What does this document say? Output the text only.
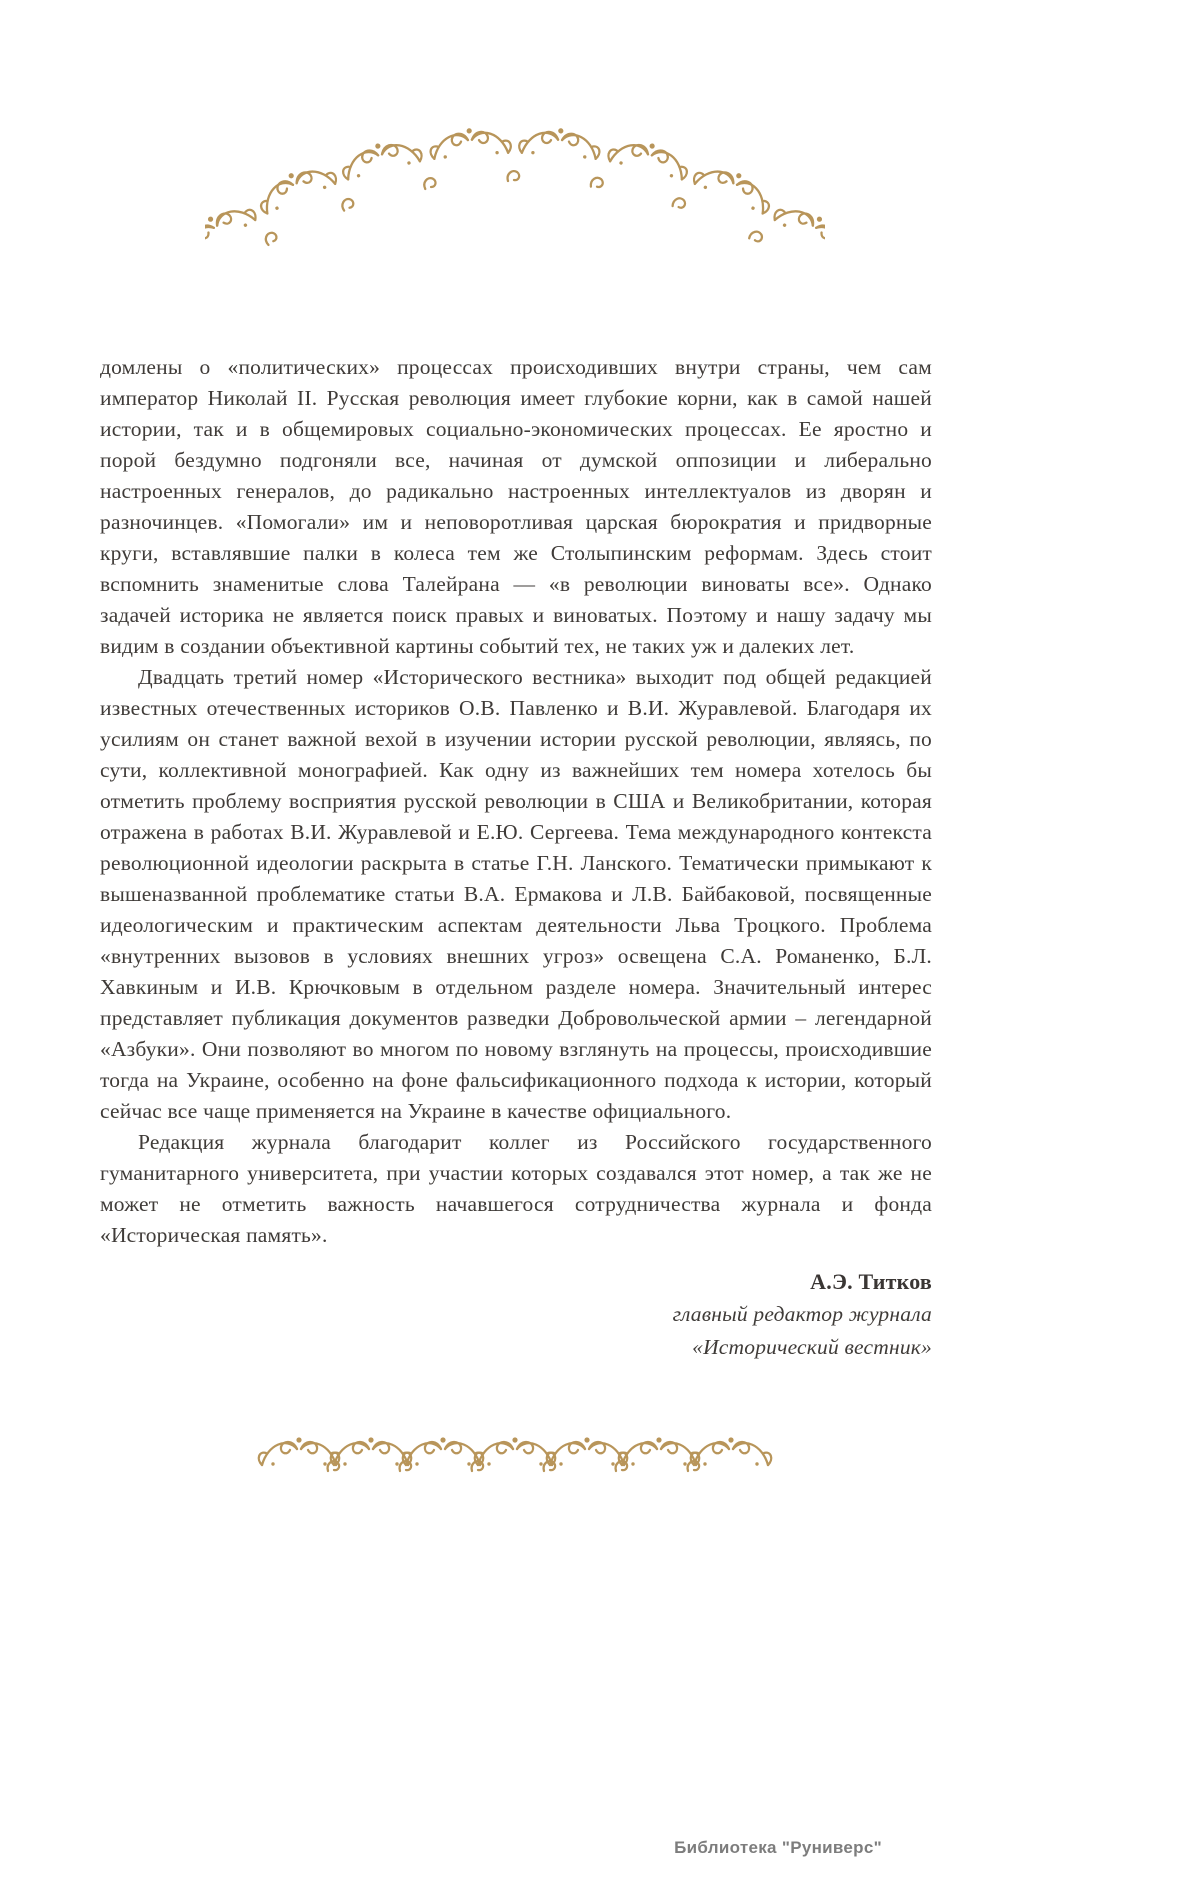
домлены о «политических» процессах происходивших внутри страны, чем сам император Николай II. Русская революция имеет глубокие корни, как в самой нашей истории, так и в общемировых социально-экономических процессах. Ее яростно и порой бездумно подгоняли все, начиная от думской оппозиции и либерально настроенных генералов, до радикально настроенных интеллектуалов из дворян и разночинцев. «Помогали» им и неповоротливая царская бюрократия и придворные круги, вставлявшие палки в колеса тем же Столыпинским реформам. Здесь стоит вспомнить знаменитые слова Талейрана — «в революции виноваты все». Однако задачей историка не является поиск правых и виноватых. Поэтому и нашу задачу мы видим в создании объективной картины событий тех, не таких уж и далеких лет.

Двадцать третий номер «Исторического вестника» выходит под общей редакцией известных отечественных историков О.В. Павленко и В.И. Журавлевой. Благодаря их усилиям он станет важной вехой в изучении истории русской революции, являясь, по сути, коллективной монографией. Как одну из важнейших тем номера хотелось бы отметить проблему восприятия русской революции в США и Великобритании, которая отражена в работах В.И. Журавлевой и Е.Ю. Сергеева. Тема международного контекста революционной идеологии раскрыта в статье Г.Н. Ланского. Тематически примыкают к вышеназванной проблематике статьи В.А. Ермакова и Л.В. Байбаковой, посвященные идеологическим и практическим аспектам деятельности Льва Троцкого. Проблема «внутренних вызовов в условиях внешних угроз» освещена С.А. Романенко, Б.Л. Хавкиным и И.В. Крючковым в отдельном разделе номера. Значительный интерес представляет публикация документов разведки Добровольческой армии – легендарной «Азбуки». Они позволяют во многом по новому взглянуть на процессы, происходившие тогда на Украине, особенно на фоне фальсификационного подхода к истории, который сейчас все чаще применяется на Украине в качестве официального.

Редакция журнала благодарит коллег из Российского государственного гуманитарного университета, при участии которых создавался этот номер, а так же не может не отметить важность начавшегося сотрудничества журнала и фонда «Историческая память».

А.Э. Титков
главный редактор журнала
«Исторический вестник»
Библиотека "Руниверс"
